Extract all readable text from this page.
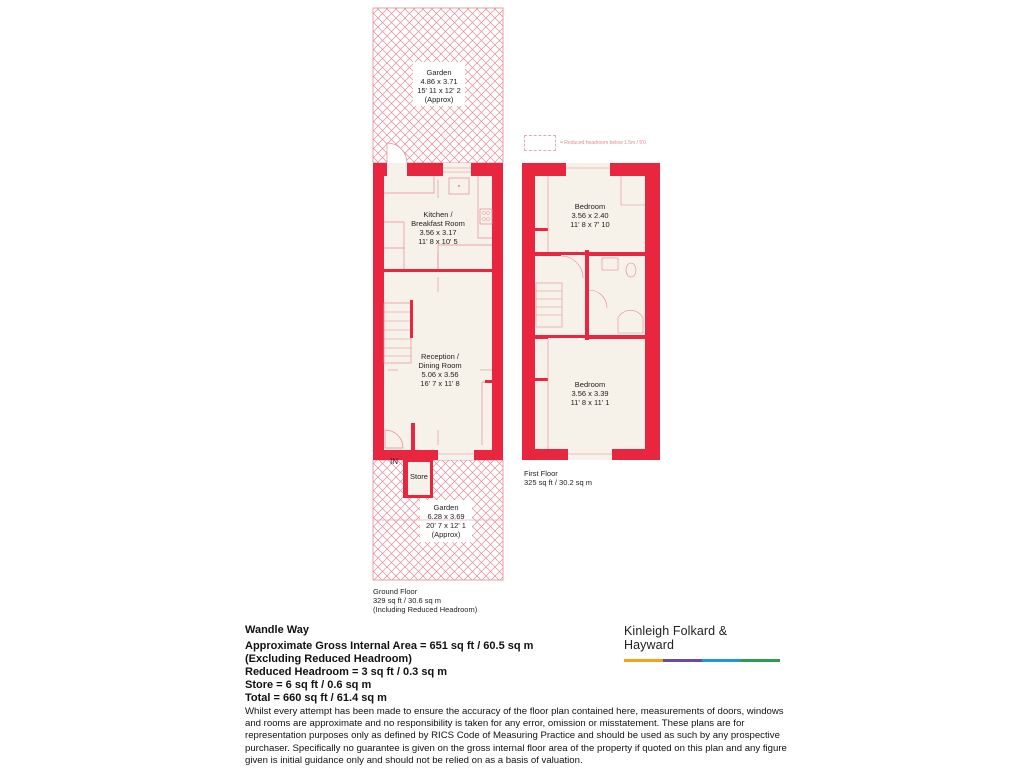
Garden
4.86 x 3.71
15' 11 x 12' 2
(Approx)
Kitchen /
Breakfast Room
3.56 x 3.17
11' 8 x 10' 5
Reception /
Dining Room
5.06 x 3.56
16' 7 x 11' 8
IN
Store
Garden
6.28 x 3.69
20' 7 x 12' 1
(Approx)
Bedroom
3.56 x 2.40
11' 8 x 7' 10
Bedroom
3.56 x 3.39
11' 8 x 11' 1
= Reduced headroom below 1.5m / 5'0
Ground Floor
329 sq ft / 30.6 sq m
(Including Reduced Headroom)
First Floor
325 sq ft / 30.2 sq m
Wandle Way
Approximate Gross Internal Area = 651 sq ft / 60.5 sq m
(Excluding Reduced Headroom)
Reduced Headroom = 3 sq ft / 0.3 sq m
Store = 6 sq ft / 0.6 sq m
Total = 660 sq ft / 61.4 sq m
Whilst every attempt has been made to ensure the accuracy of the floor plan contained here, measurements of doors, windows and rooms are approximate and no responsibility is taken for any error, omission or misstatement. These plans are for representation purposes only as defined by RICS Code of Measuring Practice and should be used as such by any prospective purchaser. Specifically no guarantee is given on the gross internal floor area of the property if quoted on this plan and any figure given is initial guidance only and should not be relied on as a basis of valuation.
Kinleigh Folkard & Hayward
